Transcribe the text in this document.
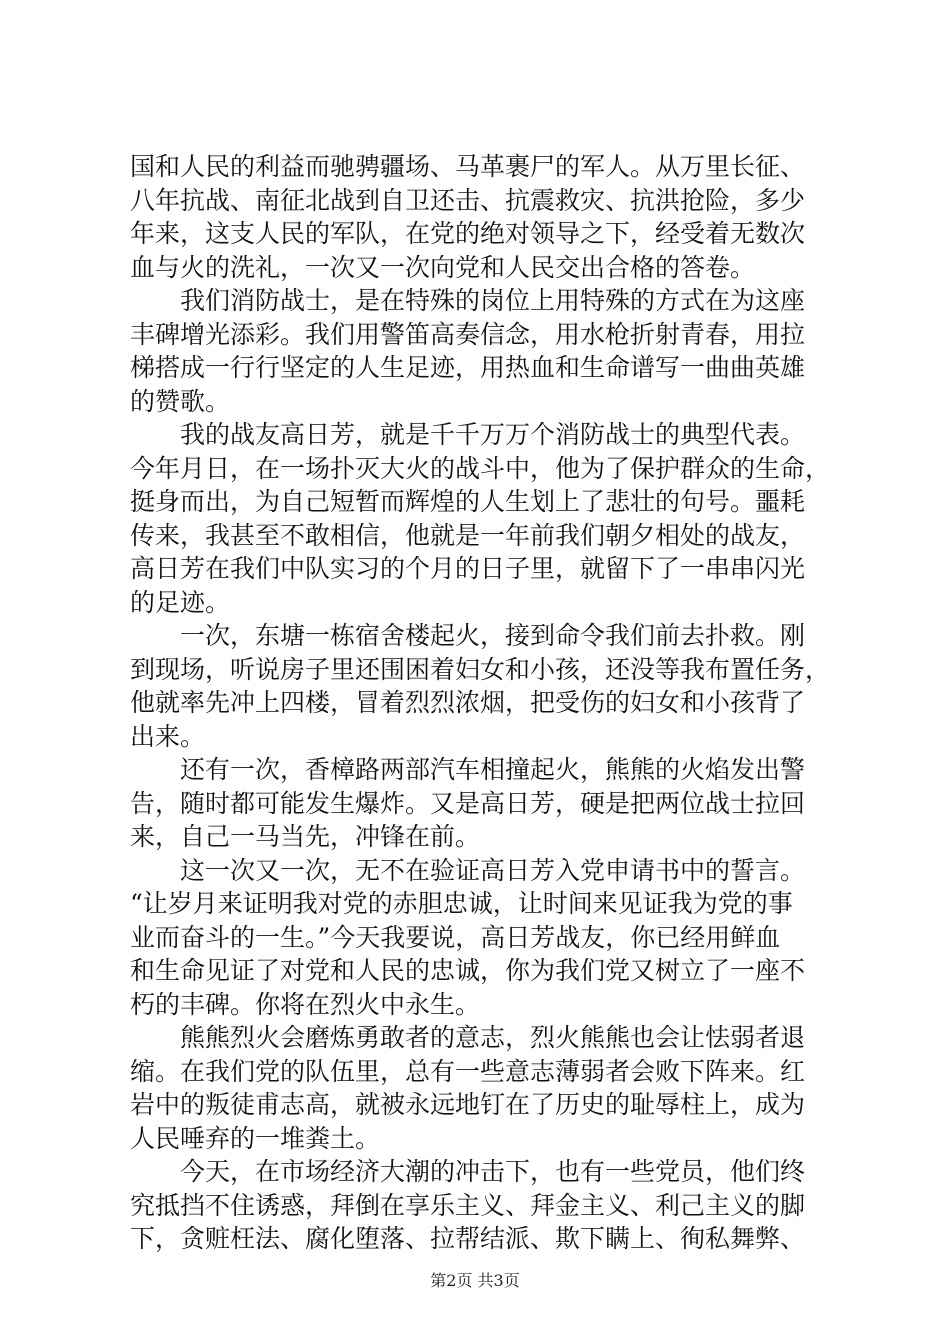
国和人民的利益而驰骋疆场、马革裹尸的军人。从万里长征、
八年抗战、南征北战到自卫还击、抗震救灾、抗洪抢险，多少
年来，这支人民的军队，在党的绝对领导之下，经受着无数次
血与火的洗礼，一次又一次向党和人民交出合格的答卷。
我们消防战士，是在特殊的岗位上用特殊的方式在为这座
丰碑增光添彩。我们用警笛高奏信念，用水枪折射青春，用拉
梯搭成一行行坚定的人生足迹，用热血和生命谱写一曲曲英雄
的赞歌。
我的战友高日芳，就是千千万万个消防战士的典型代表。
今年月日，在一场扑灭大火的战斗中，他为了保护群众的生命，
挺身而出，为自己短暂而辉煌的人生划上了悲壮的句号。噩耗
传来，我甚至不敢相信，他就是一年前我们朝夕相处的战友，
高日芳在我们中队实习的个月的日子里，就留下了一串串闪光
的足迹。
一次，东塘一栋宿舍楼起火，接到命令我们前去扑救。刚
到现场，听说房子里还围困着妇女和小孩，还没等我布置任务，
他就率先冲上四楼，冒着烈烈浓烟，把受伤的妇女和小孩背了
出来。
还有一次，香樟路两部汽车相撞起火，熊熊的火焰发出警
告，随时都可能发生爆炸。又是高日芳，硬是把两位战士拉回
来，自己一马当先，冲锋在前。
这一次又一次，无不在验证高日芳入党申请书中的誓言。
“让岁月来证明我对党的赤胆忠诚，让时间来见证我为党的事
业而奋斗的一生。”今天我要说，高日芳战友，你已经用鲜血
和生命见证了对党和人民的忠诚，你为我们党又树立了一座不
朽的丰碑。你将在烈火中永生。
熊熊烈火会磨炼勇敢者的意志，烈火熊熊也会让怯弱者退
缩。在我们党的队伍里，总有一些意志薄弱者会败下阵来。红
岩中的叛徒甫志高，就被永远地钉在了历史的耻辱柱上，成为
人民唾弃的一堆粪土。
今天，在市场经济大潮的冲击下，也有一些党员，他们终
究抵挡不住诱惑，拜倒在享乐主义、拜金主义、利己主义的脚
下，贪赃枉法、腐化堕落、拉帮结派、欺下瞒上、徇私舞弊、
第2页 共3页
